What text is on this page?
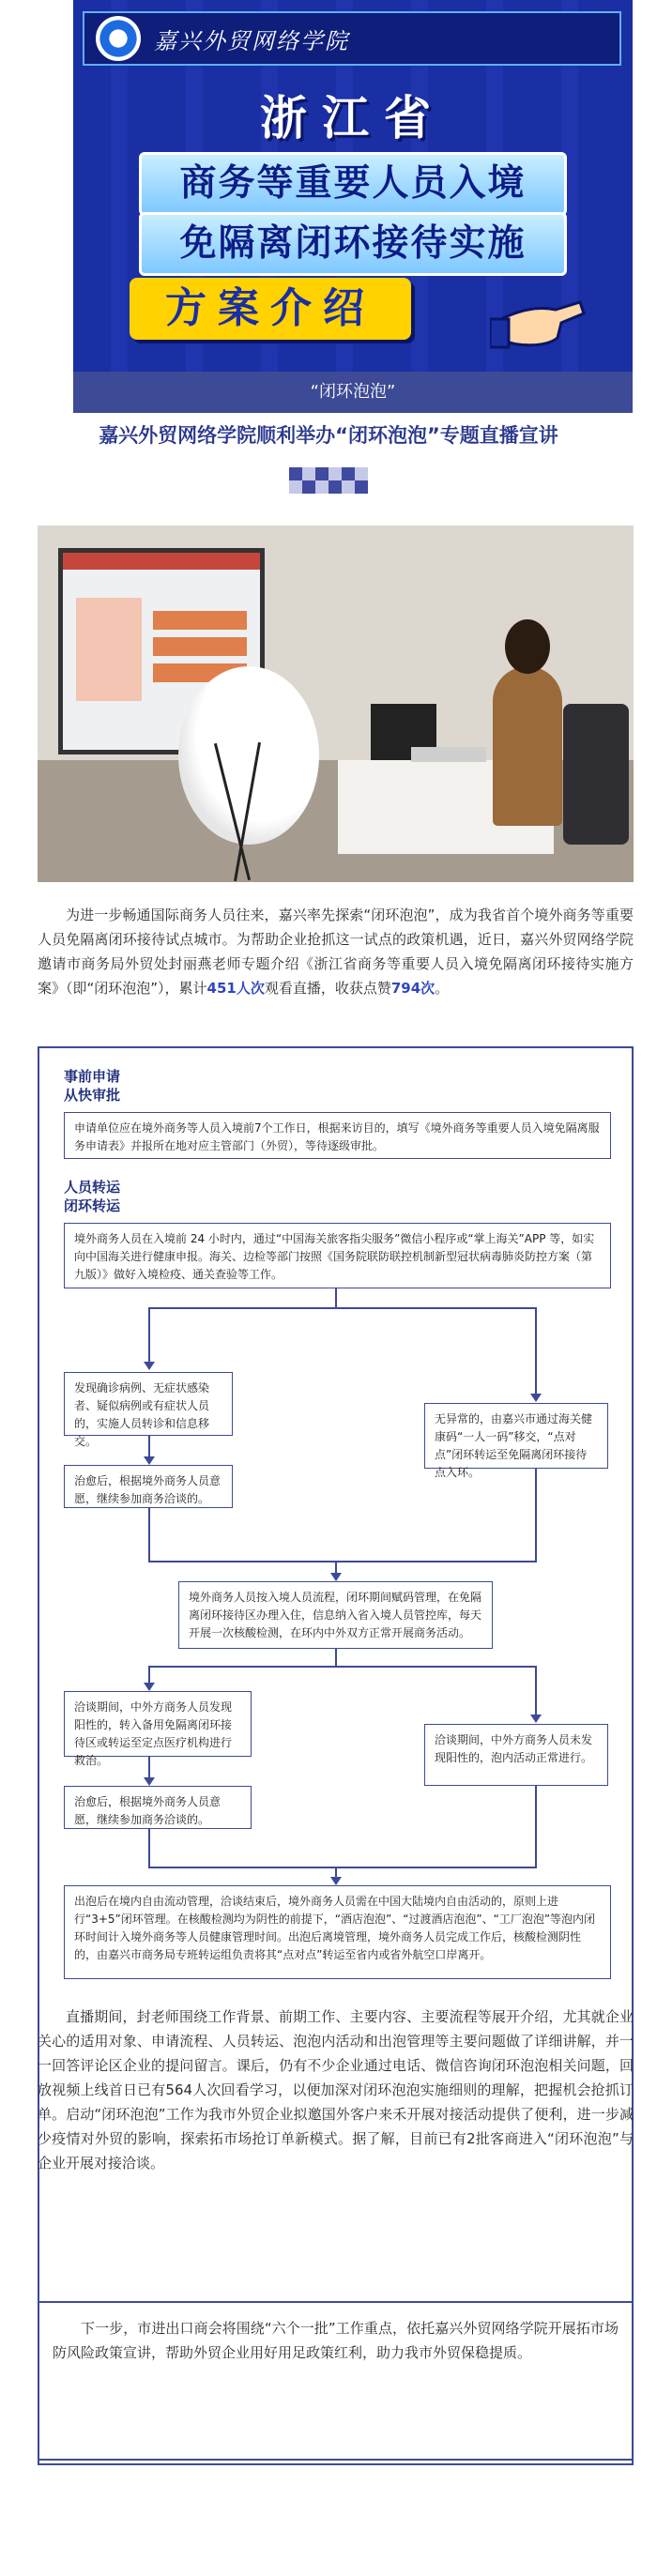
嘉兴外贸网络学院
浙江省
商务等重要人员入境
免隔离闭环接待实施
方案介绍
“闭环泡泡”
嘉兴外贸网络学院顺利举办“闭环泡泡”专题直播宣讲
为进一步畅通国际商务人员往来，嘉兴率先探索“闭环泡泡”，成为我省首个境外商务等重要人员免隔离闭环接待试点城市。为帮助企业抢抓这一试点的政策机遇，近日，嘉兴外贸网络学院邀请市商务局外贸处封丽燕老师专题介绍《浙江省商务等重要人员入境免隔离闭环接待实施方案》（即“闭环泡泡”），累计451人次观看直播，收获点赞794次。
事前申请
从快审批
申请单位应在境外商务等人员入境前7个工作日，根据来访目的，填写《境外商务等重要人员入境免隔离服务申请表》并报所在地对应主管部门（外贸），等待逐级审批。
人员转运
闭环转运
境外商务人员在入境前 24 小时内，通过“中国海关旅客指尖服务”微信小程序或“掌上海关”APP 等，如实向中国海关进行健康申报。海关、边检等部门按照《国务院联防联控机制新型冠状病毒肺炎防控方案（第九版）》做好入境检疫、通关查验等工作。
发现确诊病例、无症状感染者、疑似病例或有症状人员的，实施人员转诊和信息移交。
无异常的，由嘉兴市通过海关健康码“一人一码”移交，“点对点”闭环转运至免隔离闭环接待点入环。
治愈后，根据境外商务人员意愿，继续参加商务洽谈的。
境外商务人员按入境人员流程，闭环期间赋码管理，在免隔离闭环接待区办理入住，信息纳入省入境人员管控库，每天开展一次核酸检测，在环内中外双方正常开展商务活动。
洽谈期间，中外方商务人员发现阳性的，转入备用免隔离闭环接待区或转运至定点医疗机构进行救治。
洽谈期间，中外方商务人员未发现阳性的，泡内活动正常进行。
治愈后，根据境外商务人员意愿，继续参加商务洽谈的。
出泡后在境内自由流动管理，洽谈结束后，境外商务人员需在中国大陆境内自由活动的，原则上进行“3+5”闭环管理。在核酸检测均为阴性的前提下，“酒店泡泡”、“过渡酒店泡泡”、“工厂泡泡”等泡内闭环时间计入境外商务等人员健康管理时间。出泡后离境管理，境外商务人员完成工作后，核酸检测阴性的，由嘉兴市商务局专班转运组负责将其“点对点”转运至省内或省外航空口岸离开。
直播期间，封老师围绕工作背景、前期工作、主要内容、主要流程等展开介绍，尤其就企业关心的适用对象、申请流程、人员转运、泡泡内活动和出泡管理等主要问题做了详细讲解，并一一回答评论区企业的提问留言。课后，仍有不少企业通过电话、微信咨询闭环泡泡相关问题，回放视频上线首日已有564人次回看学习，以便加深对闭环泡泡实施细则的理解，把握机会抢抓订单。启动“闭环泡泡”工作为我市外贸企业拟邀国外客户来禾开展对接活动提供了便利，进一步减少疫情对外贸的影响，探索拓市场抢订单新模式。据了解，目前已有2批客商进入“闭环泡泡”与企业开展对接洽谈。
下一步，市进出口商会将围绕“六个一批”工作重点，依托嘉兴外贸网络学院开展拓市场防风险政策宣讲，帮助外贸企业用好用足政策红利，助力我市外贸保稳提质。
